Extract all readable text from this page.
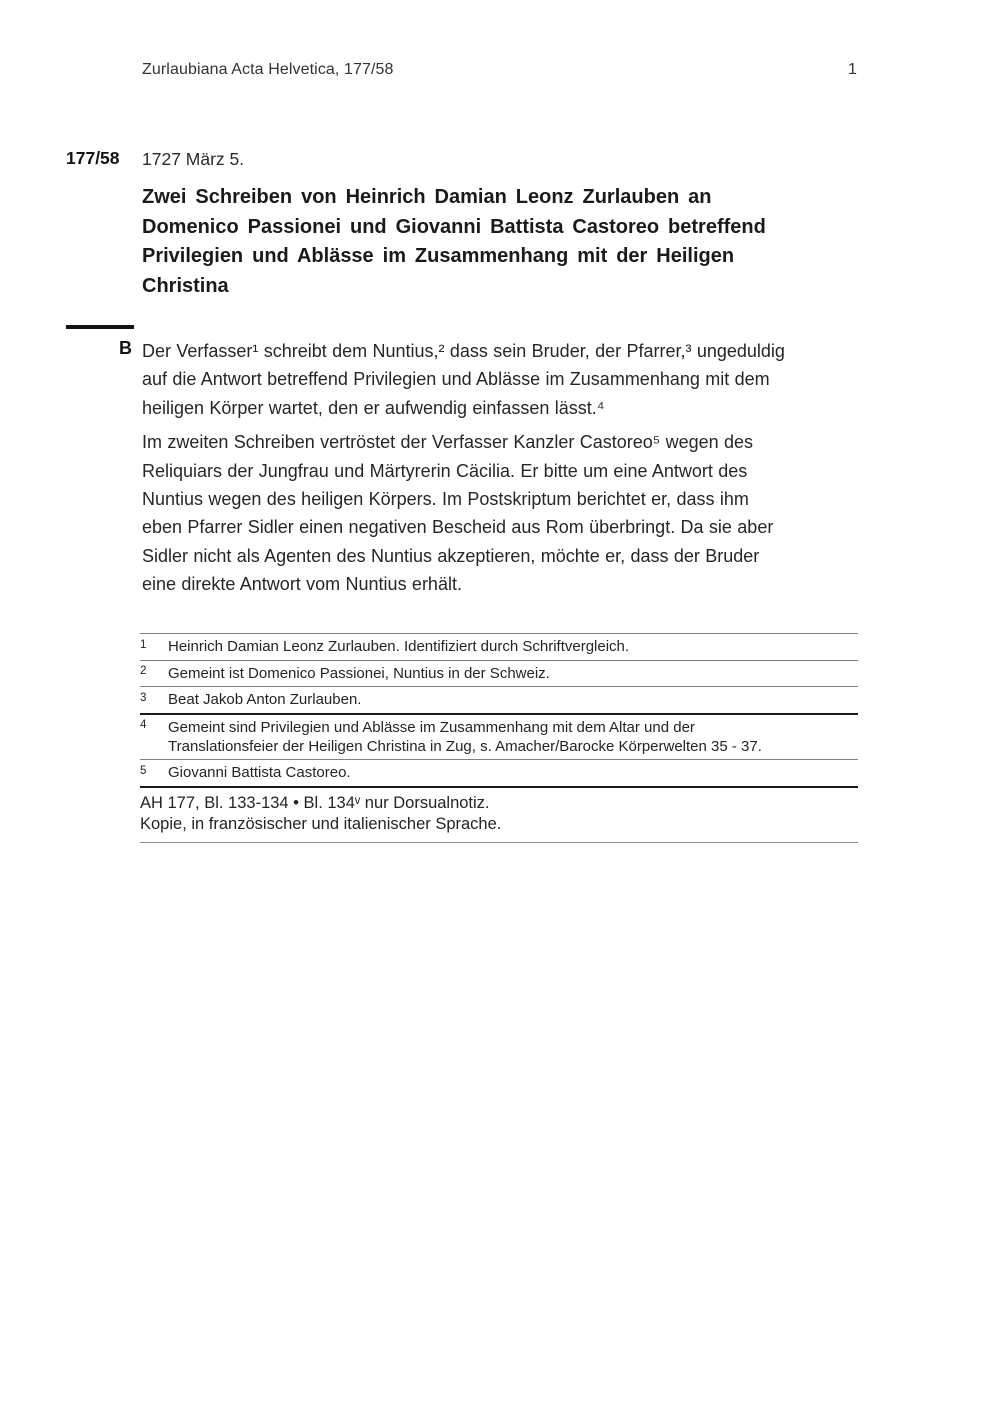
Zurlaubiana Acta Helvetica, 177/58	1
177/58 1727 März 5.
Zwei Schreiben von Heinrich Damian Leonz Zurlauben an
Domenico Passionei und Giovanni Battista Castoreo betreffend
Privilegien und Ablässe im Zusammenhang mit der Heiligen
Christina
B Der Verfasser¹ schreibt dem Nuntius,² dass sein Bruder, der Pfarrer,³ ungeduldig
auf die Antwort betreffend Privilegien und Ablässe im Zusammenhang mit dem
heiligen Körper wartet, den er aufwendig einfassen lässt.⁴
Im zweiten Schreiben vertröstet der Verfasser Kanzler Castoreo⁵ wegen des
Reliquiars der Jungfrau und Märtyrerin Cäcilia. Er bitte um eine Antwort des
Nuntius wegen des heiligen Körpers. Im Postskriptum berichtet er, dass ihm
eben Pfarrer Sidler einen negativen Bescheid aus Rom überbringt. Da sie aber
Sidler nicht als Agenten des Nuntius akzeptieren, möchte er, dass der Bruder
eine direkte Antwort vom Nuntius erhält.
1	Heinrich Damian Leonz Zurlauben. Identifiziert durch Schriftvergleich.
2	Gemeint ist Domenico Passionei, Nuntius in der Schweiz.
3	Beat Jakob Anton Zurlauben.
4	Gemeint sind Privilegien und Ablässe im Zusammenhang mit dem Altar und der
Translationsfeier der Heiligen Christina in Zug, s. Amacher/Barocke Körperwelten 35 - 37.
5	Giovanni Battista Castoreo.
AH 177, Bl. 133-134 • Bl. 134ᵛ nur Dorsualnotiz.
Kopie, in französischer und italienischer Sprache.
